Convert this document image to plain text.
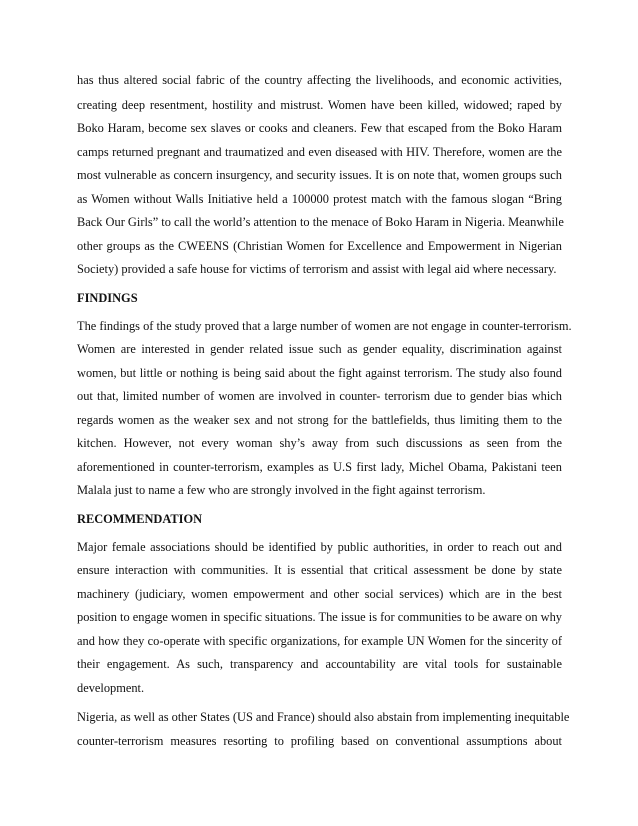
has thus altered social fabric of the country affecting the livelihoods, and economic activities,

creating deep resentment, hostility and mistrust. Women have been killed, widowed; raped by

Boko Haram, become sex slaves or cooks and cleaners. Few that escaped from the Boko Haram

camps returned pregnant and traumatized and even diseased with HIV. Therefore, women are the

most vulnerable as concern insurgency, and security issues. It is on note that, women groups such

as Women without Walls Initiative held a 100000 protest match with the famous slogan “Bring

Back Our Girls” to call the world’s attention to the menace of Boko Haram in Nigeria. Meanwhile

other groups as the CWEENS (Christian Women for Excellence and Empowerment in Nigerian

Society) provided a safe house for victims of terrorism and assist with legal aid where necessary.

FINDINGS

The findings of the study proved that a large number of women are not engage in counter-terrorism.

Women are interested in gender related issue such as gender equality, discrimination against

women, but little or nothing is being said about the fight against terrorism. The study also found

out that, limited number of women are involved in counter- terrorism due to gender bias which

regards women as the weaker sex and not strong for the battlefields, thus limiting them to the

kitchen. However, not every woman shy’s away from such discussions as seen from the

aforementioned in counter-terrorism, examples as U.S first lady, Michel Obama, Pakistani teen

Malala just to name a few who are strongly involved in the fight against terrorism.

RECOMMENDATION

Major female associations should be identified by public authorities, in order to reach out and

ensure interaction with communities. It is essential that critical assessment be done by state

machinery (judiciary, women empowerment and other social services) which are in the best

position to engage women in specific situations. The issue is for communities to be aware on why

and how they co-operate with specific organizations, for example UN Women for the sincerity of

their engagement. As such, transparency and accountability are vital tools for sustainable

development.

Nigeria, as well as other States (US and France) should also abstain from implementing inequitable

counter-terrorism measures resorting to profiling based on conventional assumptions about
